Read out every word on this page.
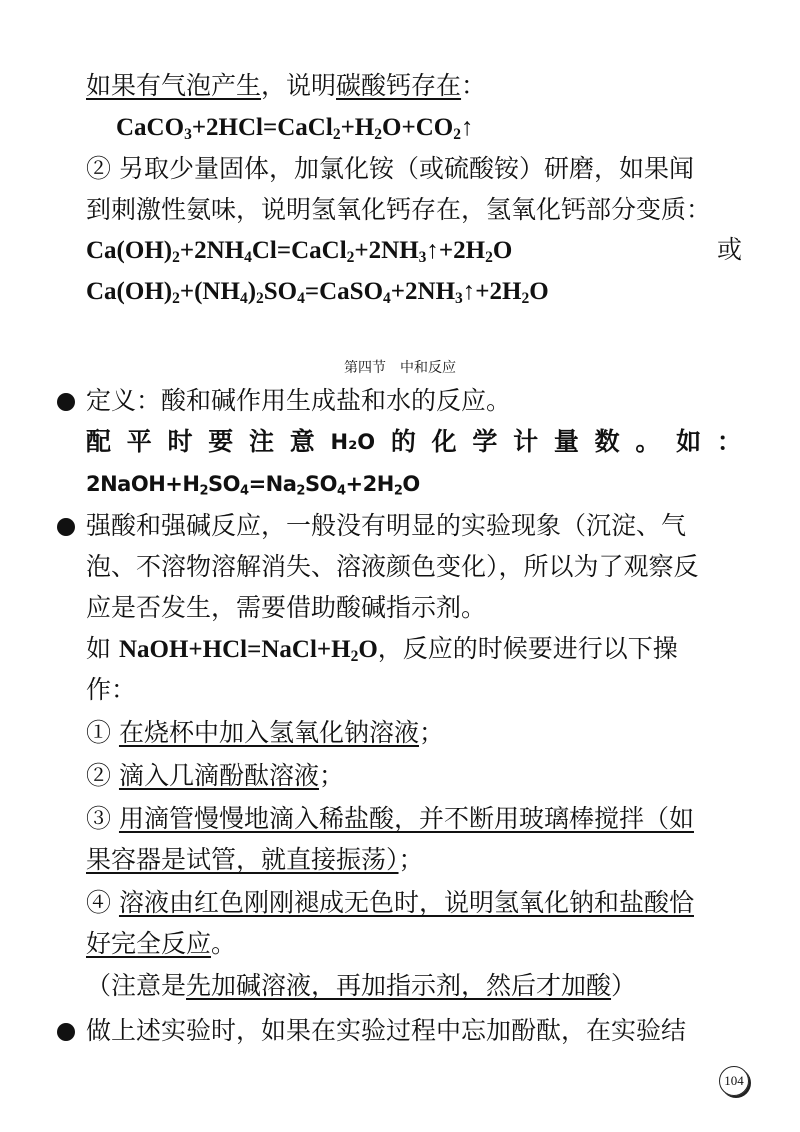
如果有气泡产生，说明碳酸钙存在：
$CaCO_3+2HCl=CaCl_2+H_2O+CO_2↑$
② 另取少量固体，加氯化铵（或硫酸铵）研磨，如果闻
到刺激性氨味，说明氢氧化钙存在，氢氧化钙部分变质：
$Ca(OH)_2+2NH_4Cl=CaCl_2+2NH_3↑+2H_2O$	或
$Ca(OH)_2+(NH_4)_2SO_4=CaSO_4+2NH_3↑+2H_2O$
第四节　中和反应
定义：酸和碱作用生成盐和水的反应。
配 平 时 要 注 意 H₂O 的 化 学 计 量 数 。 如 ：
$2NaOH+H_2SO_4=Na_2SO_4+2H_2O$
强酸和强碱反应，一般没有明显的实验现象（沉淀、气
泡、不溶物溶解消失、溶液颜色变化），所以为了观察反
应是否发生，需要借助酸碱指示剂。
如 $NaOH+HCl=NaCl+H_2O$，反应的时候要进行以下操
作：
① 在烧杯中加入氢氧化钠溶液；
② 滴入几滴酚酞溶液；
③ 用滴管慢慢地滴入稀盐酸，并不断用玻璃棒搅拌（如
果容器是试管，就直接振荡）；
④ 溶液由红色刚刚褪成无色时，说明氢氧化钠和盐酸恰
好完全反应。
（注意是先加碱溶液，再加指示剂，然后才加酸）
做上述实验时，如果在实验过程中忘加酚酞，在实验结
104
